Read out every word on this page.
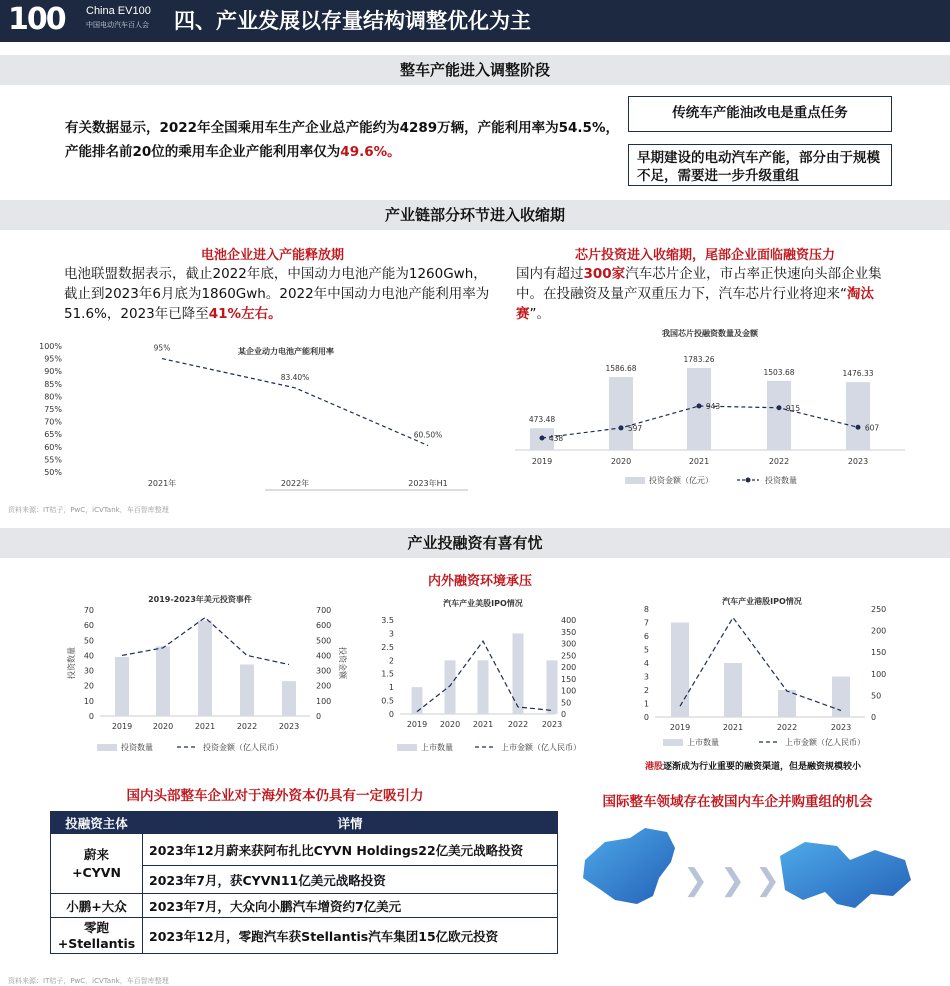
100 China EV100
中国电动汽车百人会 四、产业发展以存量结构调整优化为主
整车产能进入调整阶段
有关数据显示，2022年全国乘用车生产企业总产能约为4289万辆，产能利用率为54.5%，产能排名前20位的乘用车企业产能利用率仅为49.6%。
传统车产能油改电是重点任务
早期建设的电动汽车产能，部分由于规模不足，需要进一步升级重组
产业链部分环节进入收缩期
电池企业进入产能释放期
电池联盟数据表示，截止2022年底，中国动力电池产能为1260Gwh，截止到2023年6月底为1860Gwh。2022年中国动力电池产能利用率为51.6%，2023年已降至41%左右。
芯片投资进入收缩期，尾部企业面临融资压力
国内有超过300家汽车芯片企业，市占率正快速向头部企业集中。在投融资及量产双重压力下，汽车芯片行业将迎来“淘汰赛”。
某企业动力电池产能利用率
50%
55%
60%
65%
70%
75%
80%
85%
90%
95%
100%
2021年	2022年	2023年H1
95%
83.40%
60.50%
我国芯片投融资数量及金额
473.48
2019
1586.68
2020
1783.26
2021
1503.68
2022
1476.33
2023
438
597
943	915
607
投资金额（亿元）	投资数量
资料来源：IT桔子，PwC，iCVTank，车百智库整理
产业投融资有喜有忧
内外融资环境承压
2019-2023年美元投资事件
0
10
20
30
40
50
60
70
0
100
200
300
400
500
600
700
投资数量	投资金额
2019	2020	2021	2022	2023
投资数量	投资金额（亿人民币）
汽车产业美股IPO情况
0
0.5
1
1.5
2
2.5
3
3.5
0
50
100
150
200
250
300
350
400
2019 2020 2021 2022 2023
上市数量	上市金额（亿人民币）
汽车产业港股IPO情况
0
1
2
3
4
5
6
7
8
0
50
100
150
200
250
2019	2021	2022	2023
上市数量	上市金额（亿人民币）
港股逐渐成为行业重要的融资渠道，但是融资规模较小
国内头部整车企业对于海外资本仍具有一定吸引力	国际整车领域存在被国内车企并购重组的机会
投融资主体	详情
蔚来
+CYVN	2023年12月蔚来获阿布扎比CYVN Holdings22亿美元战略投资
	2023年7月，获CYVN11亿美元战略投资
小鹏+大众	2023年7月，大众向小鹏汽车增资约7亿美元
零跑
+Stellantis	2023年12月，零跑汽车获Stellantis汽车集团15亿欧元投资
❯ ❯ ❯
资料来源：IT桔子，PwC，iCVTank，车百智库整理
